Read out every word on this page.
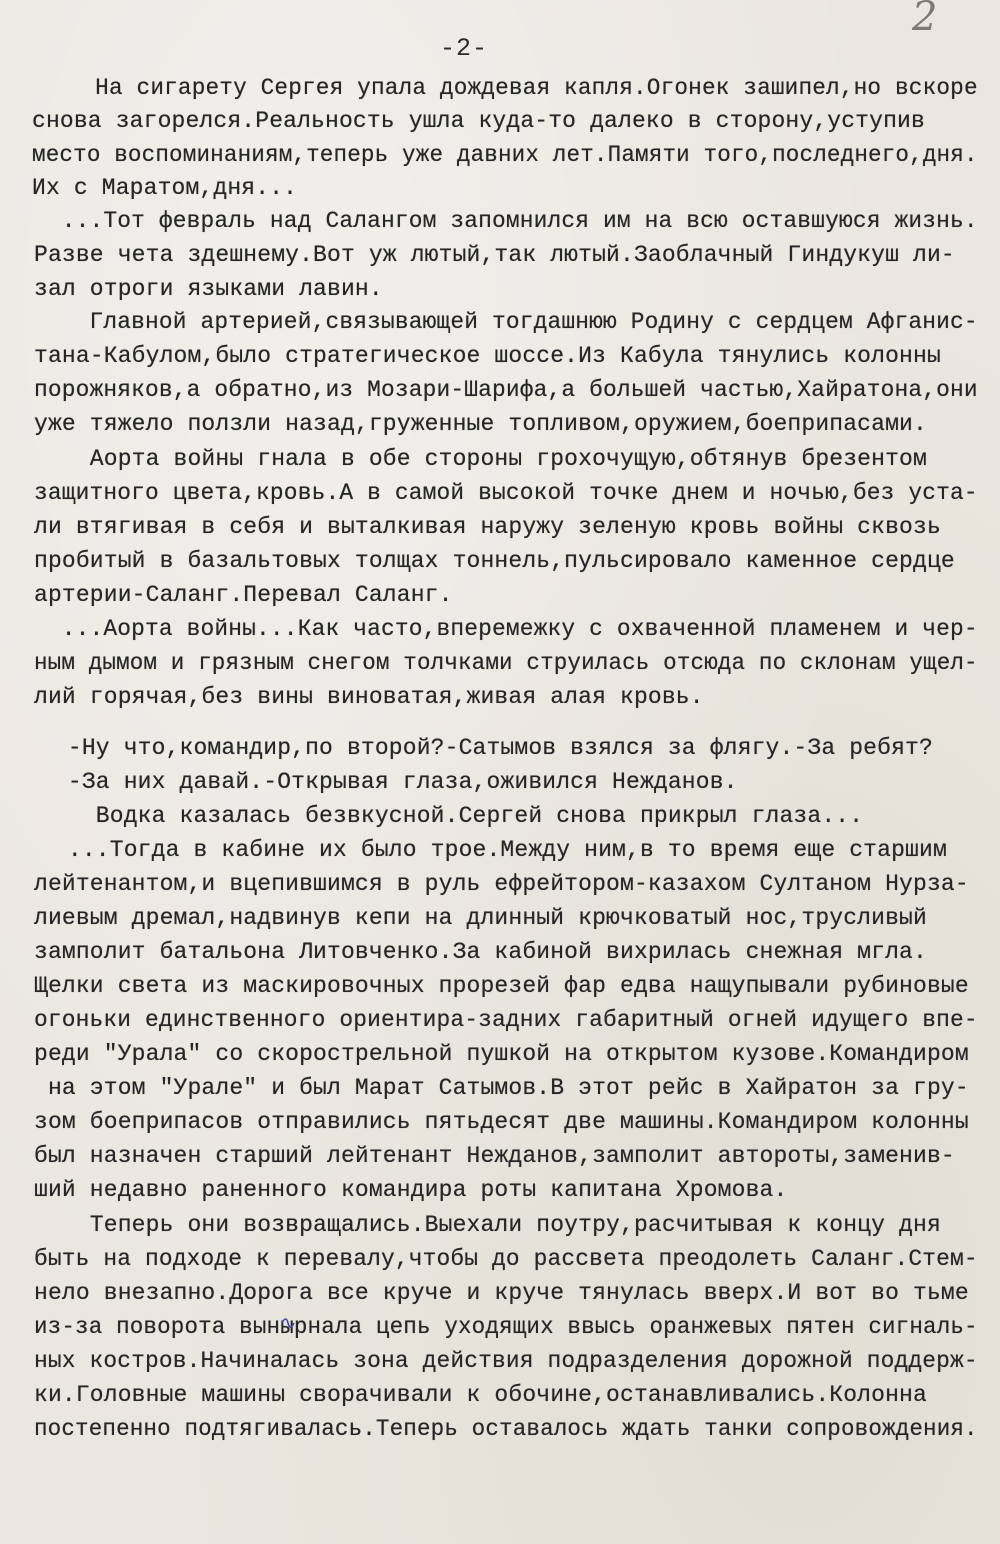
2
-2-
На сигарету Сергея упала дождевая капля.Огонек зашипел,но вскоре
снова загорелся.Реальность ушла куда-то далеко в сторону,уступив
место воспоминаниям,теперь уже давних лет.Памяти того,последнего,дня.
Их с Маратом,дня...
...Тот февраль над Салангом запомнился им на всю оставшуюся жизнь.
Разве чета здешнему.Вот уж лютый,так лютый.Заоблачный Гиндукуш ли-
зал отроги языками лавин.
Главной артерией,связывающей тогдашнюю Родину с сердцем Афганис-
тана-Кабулом,было стратегическое шоссе.Из Кабула тянулись колонны
порожняков,а обратно,из Мозари-Шарифа,а большей частью,Хайратона,они
уже тяжело ползли назад,груженные топливом,оружием,боеприпасами.
Аорта войны гнала в обе стороны грохочущую,обтянув брезентом
защитного цвета,кровь.А в самой высокой точке днем и ночью,без уста-
ли втягивая в себя и выталкивая наружу зеленую кровь войны сквозь
пробитый в базальтовых толщах тоннель,пульсировало каменное сердце
артерии-Саланг.Перевал Саланг.
...Аорта войны...Как часто,вперемежку с охваченной пламенем и чер-
ным дымом и грязным снегом толчками струилась отсюда по склонам ущел-
лий горячая,без вины виноватая,живая алая кровь.
-Ну что,командир,по второй?-Сатымов взялся за флягу.-За ребят?
-За них давай.-Открывая глаза,оживился Нежданов.
Водка казалась безвкусной.Сергей снова прикрыл глаза...
...Тогда в кабине их было трое.Между ним,в то время еще старшим
лейтенантом,и вцепившимся в руль ефрейтором-казахом Султаном Нурза-
лиевым дремал,надвинув кепи на длинный крючковатый нос,трусливый
замполит батальона Литовченко.За кабиной вихрилась снежная мгла.
Щелки света из маскировочных прорезей фар едва нащупывали рубиновые
огоньки единственного ориентира-задних габаритный огней идущего впе-
реди "Урала" со скорострельной пушкой на открытом кузове.Командиром
на этом "Урале" и был Марат Сатымов.В этот рейс в Хайратон за гру-
зом боеприпасов отправились пятьдесят две машины.Командиром колонны
был назначен старший лейтенант Нежданов,замполит автороты,заменив-
ший недавно раненного командира роты капитана Хромова.
Теперь они возвращались.Выехали поутру,расчитывая к концу дня
быть на подходе к перевалу,чтобы до рассвета преодолеть Саланг.Стем-
нело внезапно.Дорога все круче и круче тянулась вверх.И вот во тьме
из-за поворота вынырнала цепь уходящих ввысь оранжевых пятен сигналь-
ных костров.Начиналась зона действия подразделения дорожной поддерж-
ки.Головные машины сворачивали к обочине,останавливались.Колонна
постепенно подтягивалась.Теперь оставалось ждать танки сопровождения.
